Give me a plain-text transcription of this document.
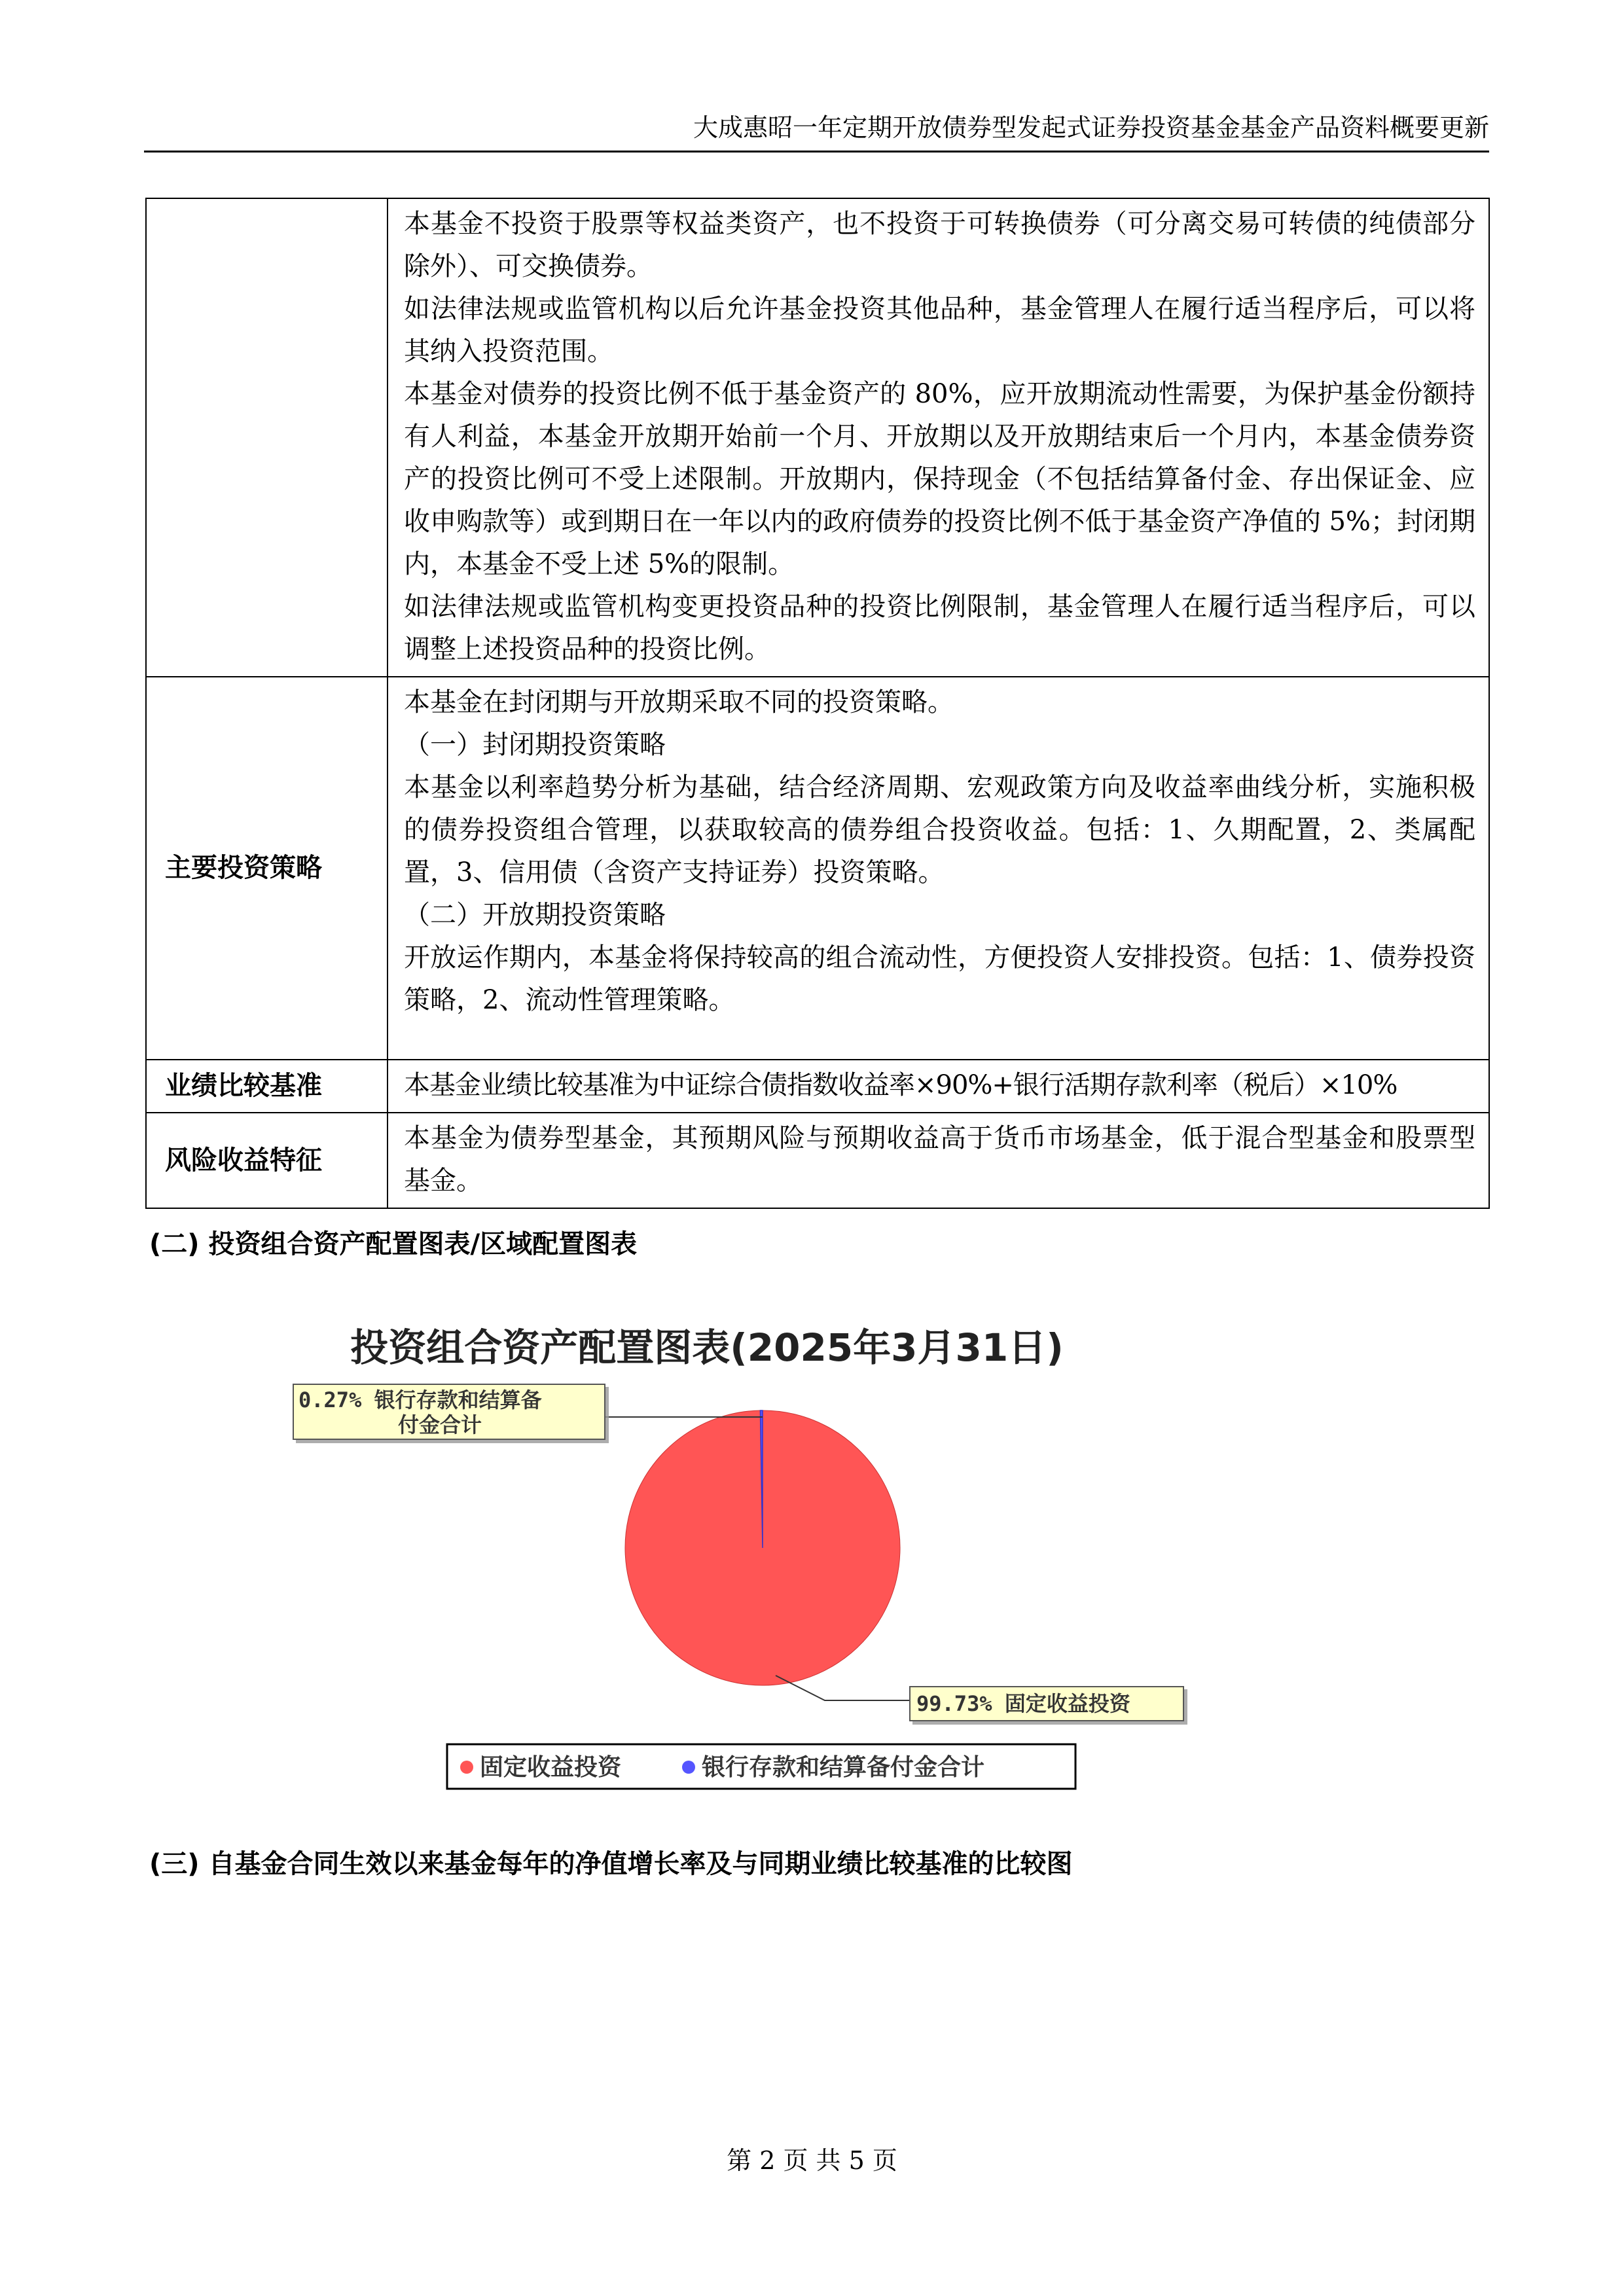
大成惠昭一年定期开放债券型发起式证券投资基金基金产品资料概要更新

	本基金不投资于股票等权益类资产，也不投资于可转换债券（可分离交易可转债的纯债部分除外）、可交换债券。

如法律法规或监管机构以后允许基金投资其他品种，基金管理人在履行适当程序后，可以将其纳入投资范围。

本基金对债券的投资比例不低于基金资产的 80%，应开放期流动性需要，为保护基金份额持有人利益，本基金开放期开始前一个月、开放期以及开放期结束后一个月内，本基金债券资产的投资比例可不受上述限制。开放期内，保持现金（不包括结算备付金、存出保证金、应收申购款等）或到期日在一年以内的政府债券的投资比例不低于基金资产净值的 5%；封闭期内，本基金不受上述 5%的限制。

如法律法规或监管机构变更投资品种的投资比例限制，基金管理人在履行适当程序后，可以调整上述投资品种的投资比例。

主要投资策略	本基金在封闭期与开放期采取不同的投资策略。

（一）封闭期投资策略

本基金以利率趋势分析为基础，结合经济周期、宏观政策方向及收益率曲线分析，实施积极的债券投资组合管理，以获取较高的债券组合投资收益。包括：1、久期配置，2、类属配置，3、信用债（含资产支持证券）投资策略。

（二）开放期投资策略

开放运作期内，本基金将保持较高的组合流动性，方便投资人安排投资。包括：1、债券投资策略，2、流动性管理策略。

业绩比较基准	本基金业绩比较基准为中证综合债指数收益率×90%+银行活期存款利率（税后）×10%
风险收益特征	本基金为债券型基金，其预期风险与预期收益高于货币市场基金，低于混合型基金和股票型基金。
(二) 投资组合资产配置图表/区域配置图表
投资组合资产配置图表(2025年3月31日)
0.27% 银行存款和结算备
付金合计
99.73% 固定收益投资
固定收益投资	银行存款和结算备付金合计
(三) 自基金合同生效以来基金每年的净值增长率及与同期业绩比较基准的比较图
第 2 页 共 5 页
